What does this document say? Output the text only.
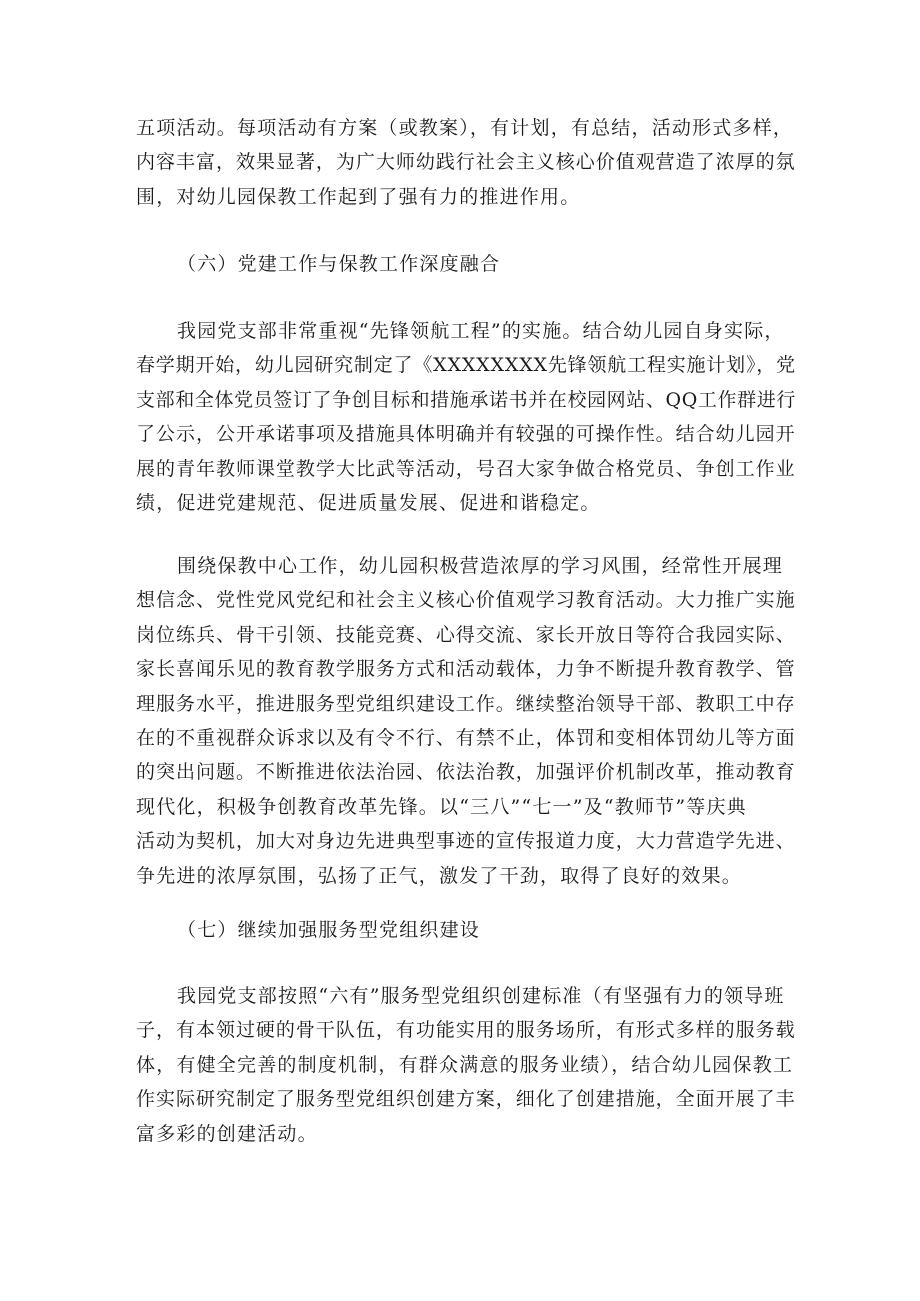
五项活动。每项活动有方案（或教案），有计划，有总结，活动形式多样，
内容丰富，效果显著，为广大师幼践行社会主义核心价值观营造了浓厚的氛
围，对幼儿园保教工作起到了强有力的推进作用。

（六）党建工作与保教工作深度融合

我园党支部非常重视“先锋领航工程”的实施。结合幼儿园自身实际，
春学期开始，幼儿园研究制定了《XXXXXXXX先锋领航工程实施计划》，党
支部和全体党员签订了争创目标和措施承诺书并在校园网站、QQ工作群进行
了公示，公开承诺事项及措施具体明确并有较强的可操作性。结合幼儿园开
展的青年教师课堂教学大比武等活动，号召大家争做合格党员、争创工作业
绩，促进党建规范、促进质量发展、促进和谐稳定。

围绕保教中心工作，幼儿园积极营造浓厚的学习风围，经常性开展理
想信念、党性党风党纪和社会主义核心价值观学习教育活动。大力推广实施
岗位练兵、骨干引领、技能竞赛、心得交流、家长开放日等符合我园实际、
家长喜闻乐见的教育教学服务方式和活动载体，力争不断提升教育教学、管
理服务水平，推进服务型党组织建设工作。继续整治领导干部、教职工中存
在的不重视群众诉求以及有令不行、有禁不止，体罚和变相体罚幼儿等方面
的突出问题。不断推进依法治园、依法治教，加强评价机制改革，推动教育
现代化，积极争创教育改革先锋。以“三八”“七一”及“教师节”等庆典
活动为契机，加大对身边先进典型事迹的宣传报道力度，大力营造学先进、
争先进的浓厚氛围，弘扬了正气，激发了干劲，取得了良好的效果。

（七）继续加强服务型党组织建设

我园党支部按照“六有”服务型党组织创建标准（有坚强有力的领导班
子，有本领过硬的骨干队伍，有功能实用的服务场所，有形式多样的服务载
体，有健全完善的制度机制，有群众满意的服务业绩），结合幼儿园保教工
作实际研究制定了服务型党组织创建方案，细化了创建措施，全面开展了丰
富多彩的创建活动。
